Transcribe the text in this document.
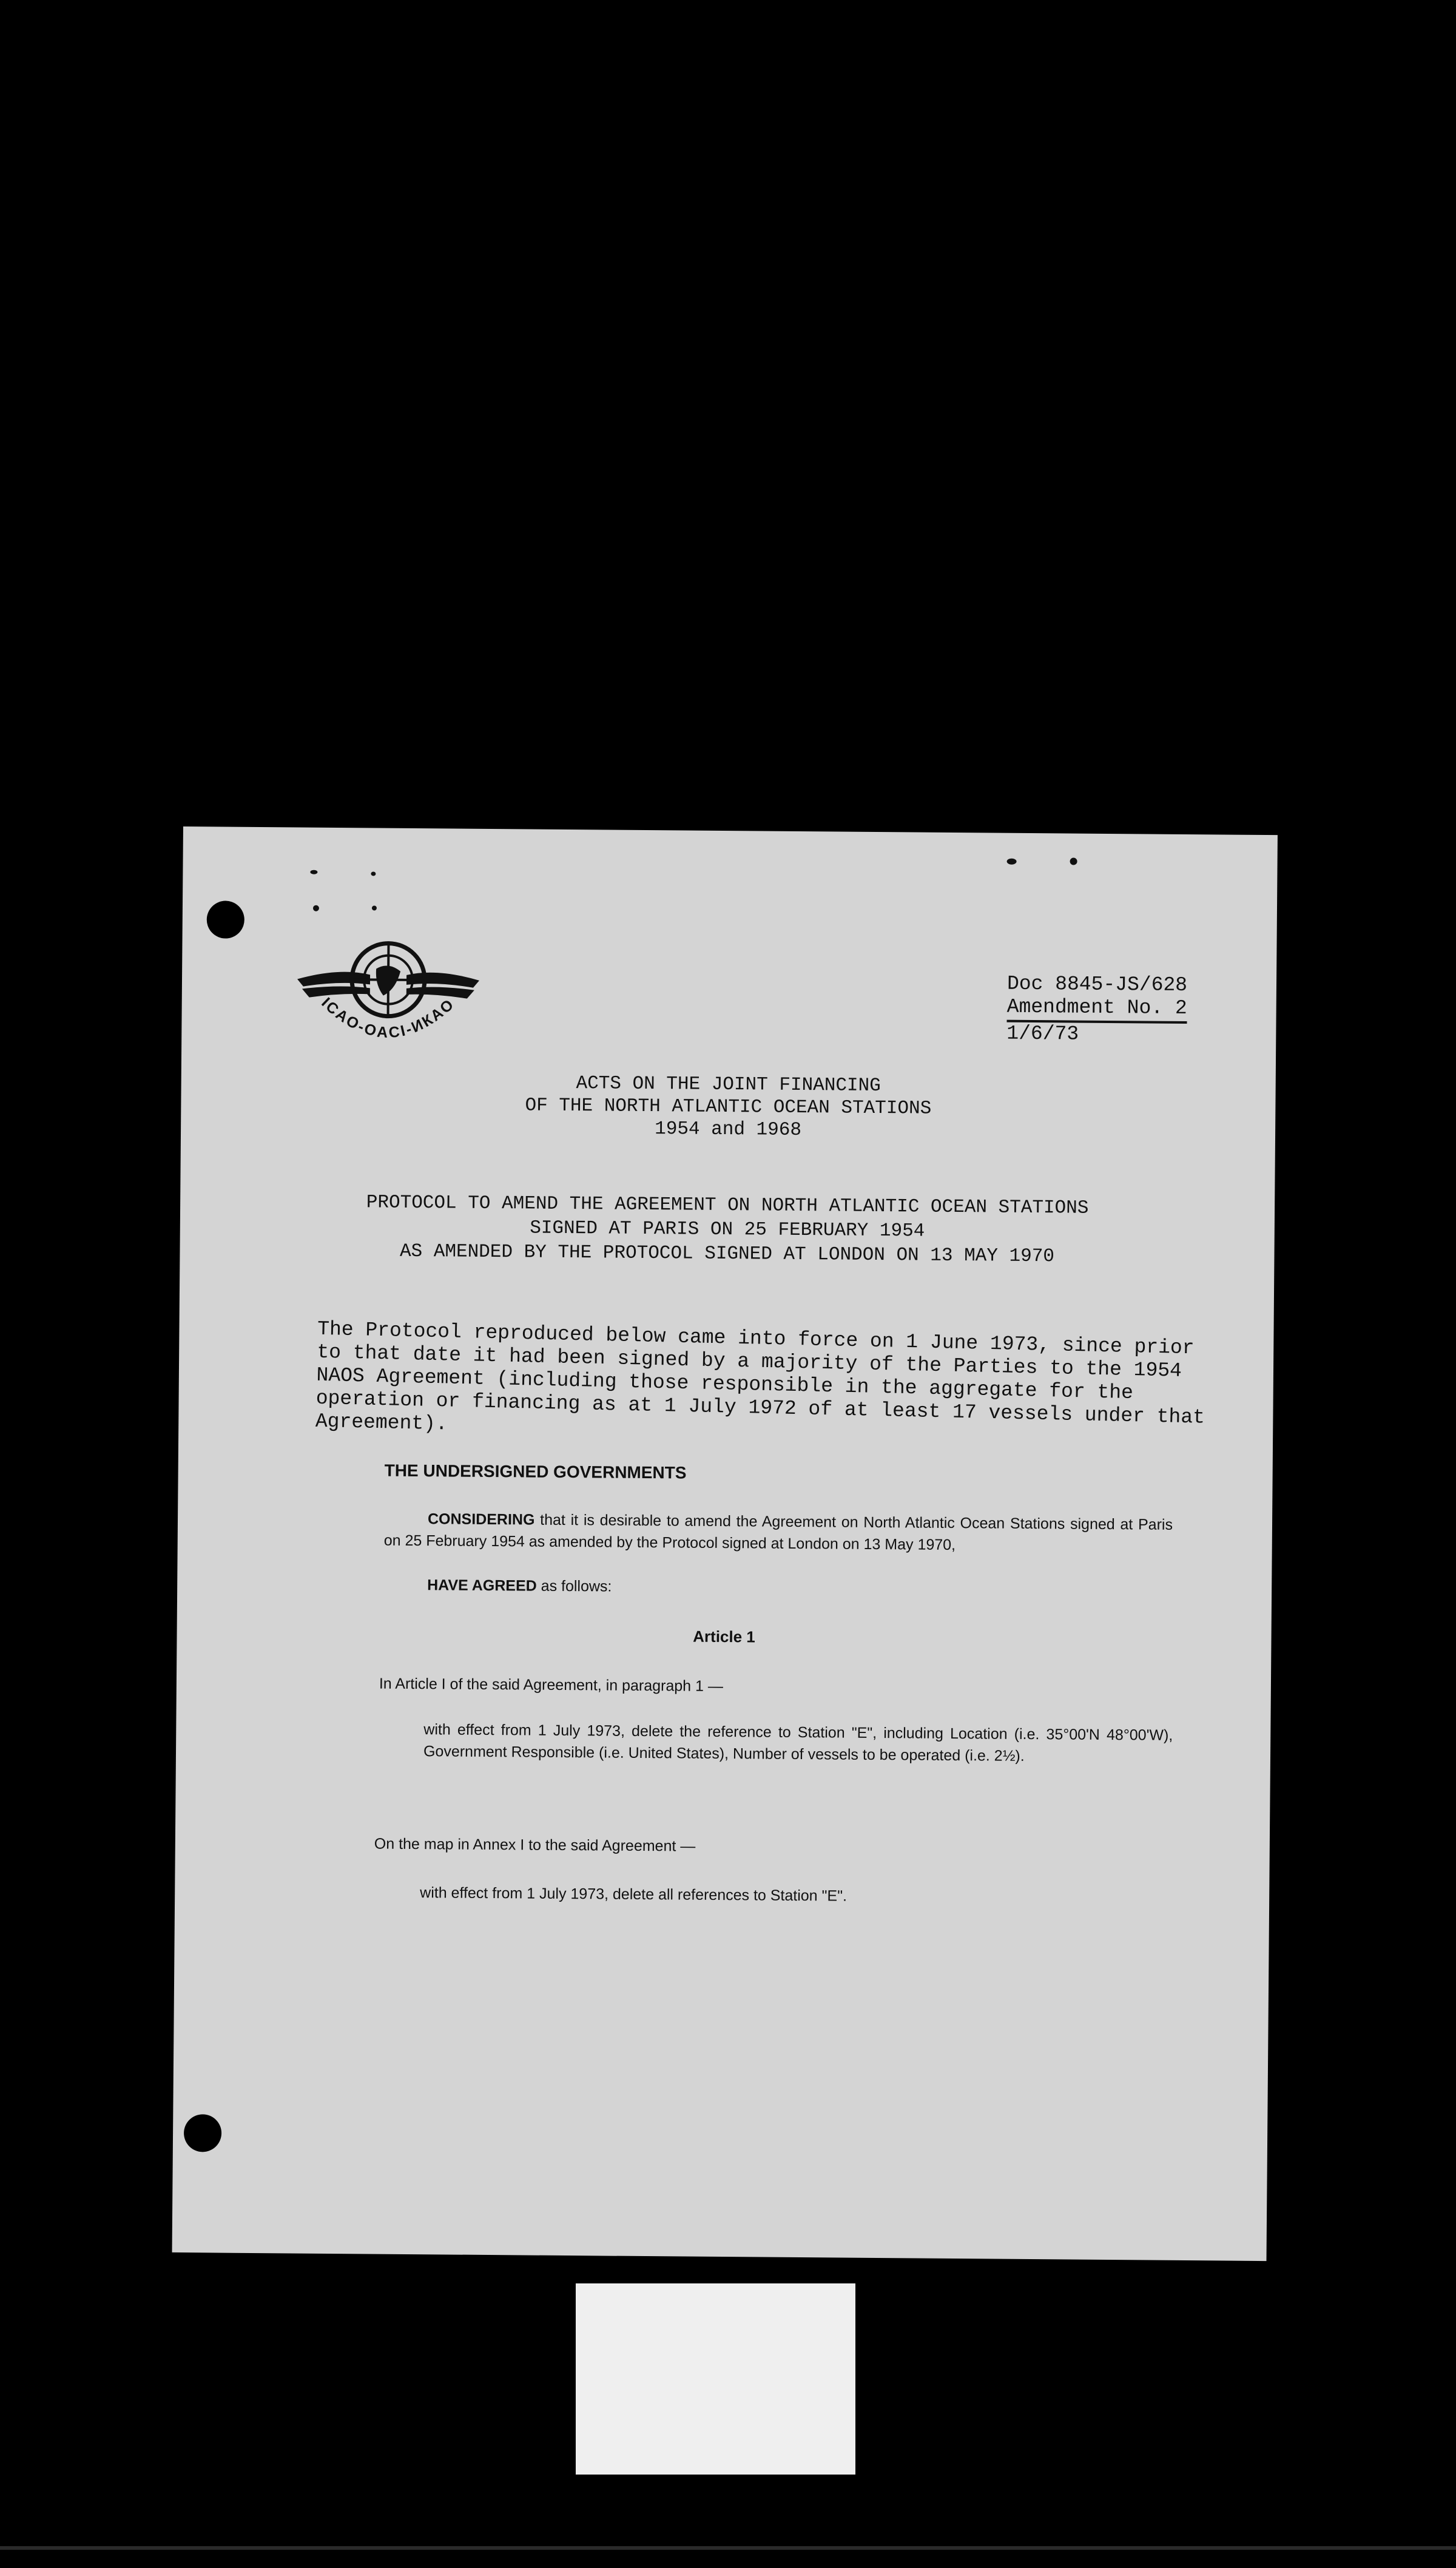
ICAO-OACI-ИКАО
Doc 8845-JS/628
Amendment No. 2
1/6/73
ACTS ON THE JOINT FINANCING
OF THE NORTH ATLANTIC OCEAN STATIONS
1954 and 1968
PROTOCOL TO AMEND THE AGREEMENT ON NORTH ATLANTIC OCEAN STATIONS
SIGNED AT PARIS ON 25 FEBRUARY 1954
AS AMENDED BY THE PROTOCOL SIGNED AT LONDON ON 13 MAY 1970
The Protocol reproduced below came into force on 1 June 1973, since prior to that date it had been signed by a majority of the Parties to the 1954 NAOS Agreement (including those responsible in the aggregate for the operation or financing as at 1 July 1972 of at least 17 vessels under that Agreement).
THE UNDERSIGNED GOVERNMENTS
CONSIDERING that it is desirable to amend the Agreement on North Atlantic Ocean Stations signed at Paris on 25 February 1954 as amended by the Protocol signed at London on 13 May 1970,
HAVE AGREED as follows:
Article 1
In Article I of the said Agreement, in paragraph 1 —
with effect from 1 July 1973, delete the reference to Station "E", including Location (i.e. 35°00'N 48°00'W), Government Responsible (i.e. United States), Number of vessels to be operated (i.e. 2½).
On the map in Annex I to the said Agreement —
with effect from 1 July 1973, delete all references to Station "E".
